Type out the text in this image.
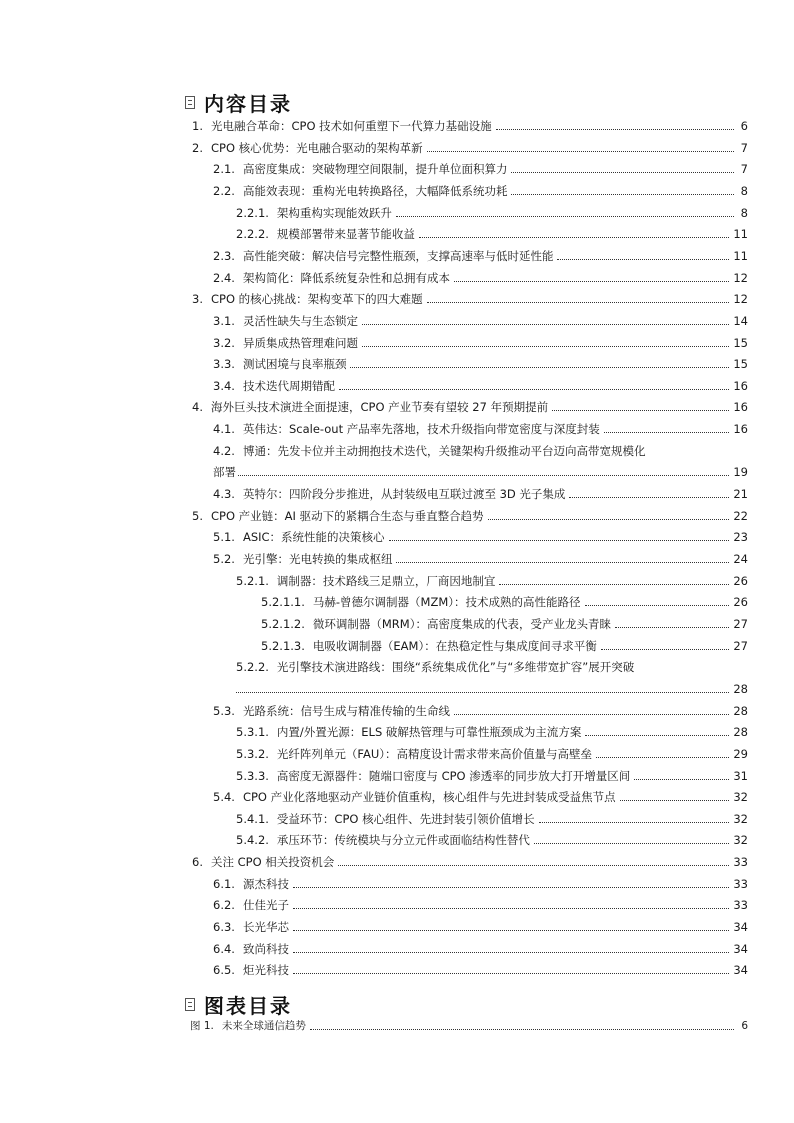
内容目录
1. 光电融合革命：CPO 技术如何重塑下一代算力基础设施	6
2. CPO 核心优势：光电融合驱动的架构革新	7
2.1. 高密度集成：突破物理空间限制，提升单位面积算力	7
2.2. 高能效表现：重构光电转换路径，大幅降低系统功耗	8
2.2.1. 架构重构实现能效跃升	8
2.2.2. 规模部署带来显著节能收益	11
2.3. 高性能突破：解决信号完整性瓶颈，支撑高速率与低时延性能	11
2.4. 架构简化：降低系统复杂性和总拥有成本	12
3. CPO 的核心挑战：架构变革下的四大难题	12
3.1. 灵活性缺失与生态锁定	14
3.2. 异质集成热管理难问题	15
3.3. 测试困境与良率瓶颈	15
3.4. 技术迭代周期错配	16
4. 海外巨头技术演进全面提速，CPO 产业节奏有望较 27 年预期提前	16
4.1. 英伟达：Scale-out 产品率先落地，技术升级指向带宽密度与深度封装	16
4.2. 博通：先发卡位并主动拥抱技术迭代，关键架构升级推动平台迈向高带宽规模化
部署	19
4.3. 英特尔：四阶段分步推进，从封装级电互联过渡至 3D 光子集成	21
5. CPO 产业链：AI 驱动下的紧耦合生态与垂直整合趋势	22
5.1. ASIC：系统性能的决策核心	23
5.2. 光引擎：光电转换的集成枢纽	24
5.2.1. 调制器：技术路线三足鼎立，厂商因地制宜	26
5.2.1.1. 马赫-曾德尔调制器（MZM）：技术成熟的高性能路径	26
5.2.1.2. 微环调制器（MRM）：高密度集成的代表，受产业龙头青睐	27
5.2.1.3. 电吸收调制器（EAM）：在热稳定性与集成度间寻求平衡	27
5.2.2. 光引擎技术演进路线：围绕“系统集成优化”与“多维带宽扩容”展开突破
28
5.3. 光路系统：信号生成与精准传输的生命线	28
5.3.1. 内置/外置光源：ELS 破解热管理与可靠性瓶颈成为主流方案	28
5.3.2. 光纤阵列单元（FAU）：高精度设计需求带来高价值量与高壁垒	29
5.3.3. 高密度无源器件：随端口密度与 CPO 渗透率的同步放大打开增量区间	31
5.4. CPO 产业化落地驱动产业链价值重构，核心组件与先进封装成受益焦节点	32
5.4.1. 受益环节：CPO 核心组件、先进封装引领价值增长	32
5.4.2. 承压环节：传统模块与分立元件或面临结构性替代	32
6. 关注 CPO 相关投资机会	33
6.1. 源杰科技	33
6.2. 仕佳光子	33
6.3. 长光华芯	34
6.4. 致尚科技	34
6.5. 炬光科技	34
图表目录
图 1. 未来全球通信趋势	6
